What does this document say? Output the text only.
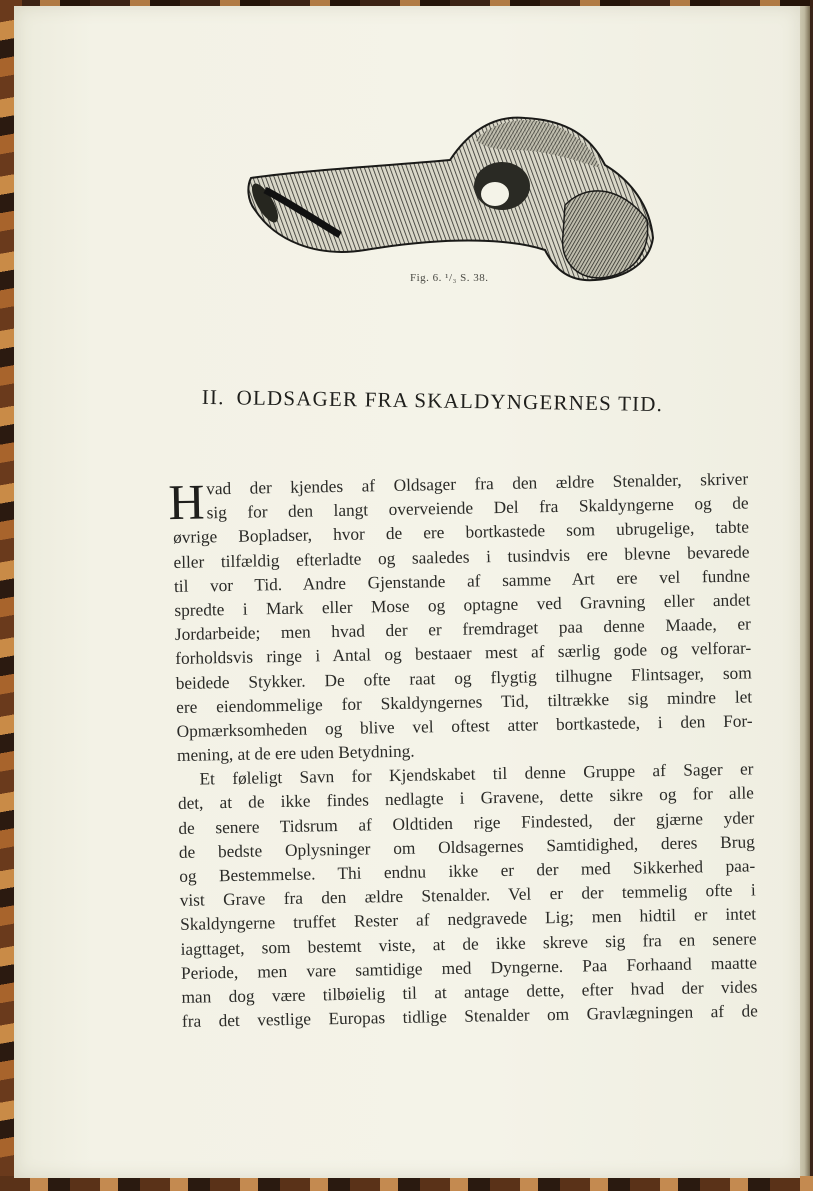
Fig. 6. ¹/₃ S. 38.
II. OLDSAGER FRA SKALDYNGERNES TID.
H vad der kjendes af Oldsager fra den ældre Stenalder, skriver
sig for den langt overveiende Del fra Skaldyngerne og de
øvrige Bopladser, hvor de ere bortkastede som ubrugelige, tabte
eller tilfældig efterladte og saaledes i tusindvis ere blevne bevarede
til vor Tid. Andre Gjenstande af samme Art ere vel fundne
spredte i Mark eller Mose og optagne ved Gravning eller andet
Jordarbeide; men hvad der er fremdraget paa denne Maade, er
forholdsvis ringe i Antal og bestaaer mest af særlig gode og velforar-
beidede Stykker. De ofte raat og flygtig tilhugne Flintsager, som
ere eiendommelige for Skaldyngernes Tid, tiltrække sig mindre let
Opmærksomheden og blive vel oftest atter bortkastede, i den For-
mening, at de ere uden Betydning.
Et føleligt Savn for Kjendskabet til denne Gruppe af Sager er
det, at de ikke findes nedlagte i Gravene, dette sikre og for alle
de senere Tidsrum af Oldtiden rige Findested, der gjærne yder
de bedste Oplysninger om Oldsagernes Samtidighed, deres Brug
og Bestemmelse. Thi endnu ikke er der med Sikkerhed paa-
vist Grave fra den ældre Stenalder. Vel er der temmelig ofte i
Skaldyngerne truffet Rester af nedgravede Lig; men hidtil er intet
iagttaget, som bestemt viste, at de ikke skreve sig fra en senere
Periode, men vare samtidige med Dyngerne. Paa Forhaand maatte
man dog være tilbøielig til at antage dette, efter hvad der vides
fra det vestlige Europas tidlige Stenalder om Gravlægningen af de
